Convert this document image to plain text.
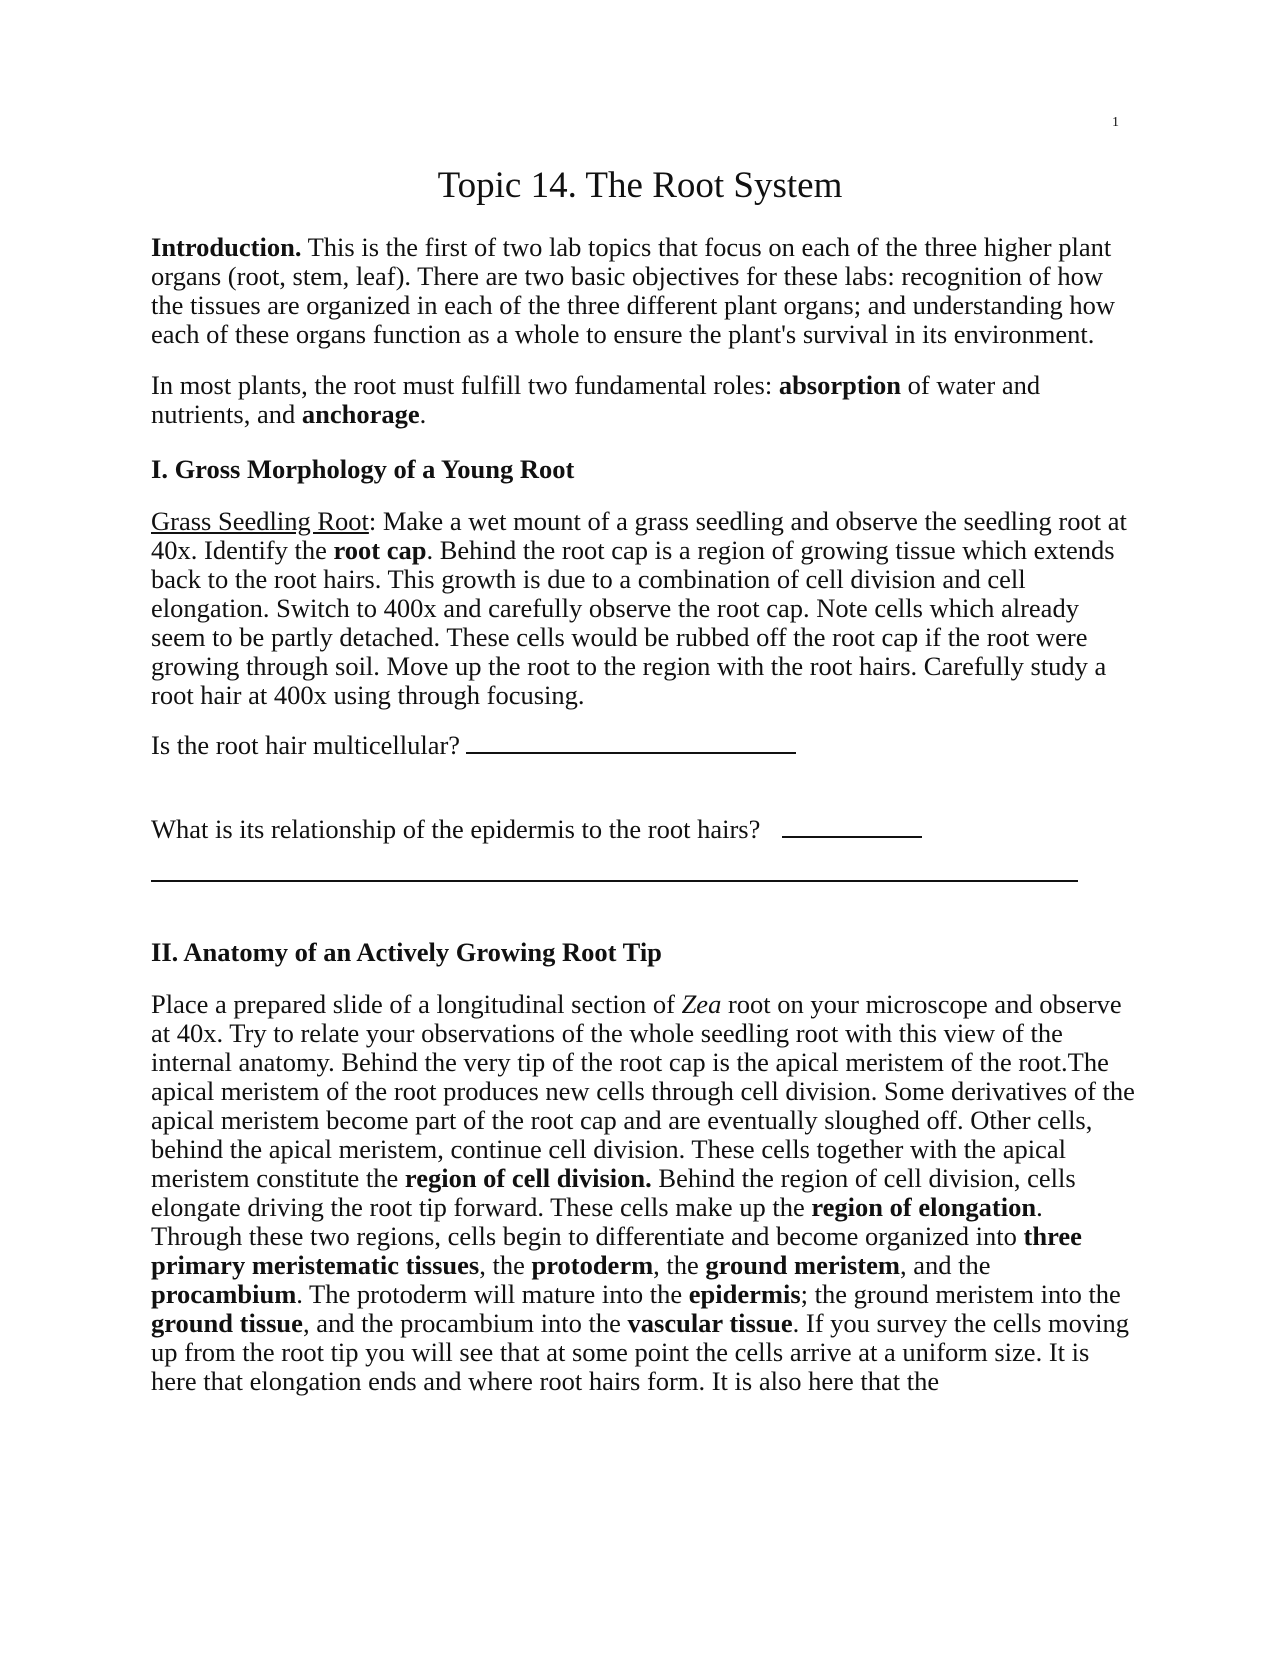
1
Topic 14. The Root System

Introduction. This is the first of two lab topics that focus on each of the three higher plant organs (root, stem, leaf). There are two basic objectives for these labs: recognition of how the tissues are organized in each of the three different plant organs; and understanding how each of these organs function as a whole to ensure the plant's survival in its environment.

In most plants, the root must fulfill two fundamental roles: absorption of water and nutrients, and anchorage.

I. Gross Morphology of a Young Root

Grass Seedling Root: Make a wet mount of a grass seedling and observe the seedling root at 40x. Identify the root cap. Behind the root cap is a region of growing tissue which extends back to the root hairs. This growth is due to a combination of cell division and cell elongation. Switch to 400x and carefully observe the root cap. Note cells which already seem to be partly detached. These cells would be rubbed off the root cap if the root were growing through soil. Move up the root to the region with the root hairs. Carefully study a root hair at 400x using through focusing.

Is the root hair multicellular?

What is its relationship of the epidermis to the root hairs?

II. Anatomy of an Actively Growing Root Tip

Place a prepared slide of a longitudinal section of Zea root on your microscope and observe at 40x. Try to relate your observations of the whole seedling root with this view of the internal anatomy. Behind the very tip of the root cap is the apical meristem of the root.The apical meristem of the root produces new cells through cell division. Some derivatives of the apical meristem become part of the root cap and are eventually sloughed off. Other cells, behind the apical meristem, continue cell division. These cells together with the apical meristem constitute the region of cell division. Behind the region of cell division, cells elongate driving the root tip forward. These cells make up the region of elongation. Through these two regions, cells begin to differentiate and become organized into three primary meristematic tissues, the protoderm, the ground meristem, and the procambium. The protoderm will mature into the epidermis; the ground meristem into the ground tissue, and the procambium into the vascular tissue. If you survey the cells moving up from the root tip you will see that at some point the cells arrive at a uniform size. It is here that elongation ends and where root hairs form. It is also here that the
